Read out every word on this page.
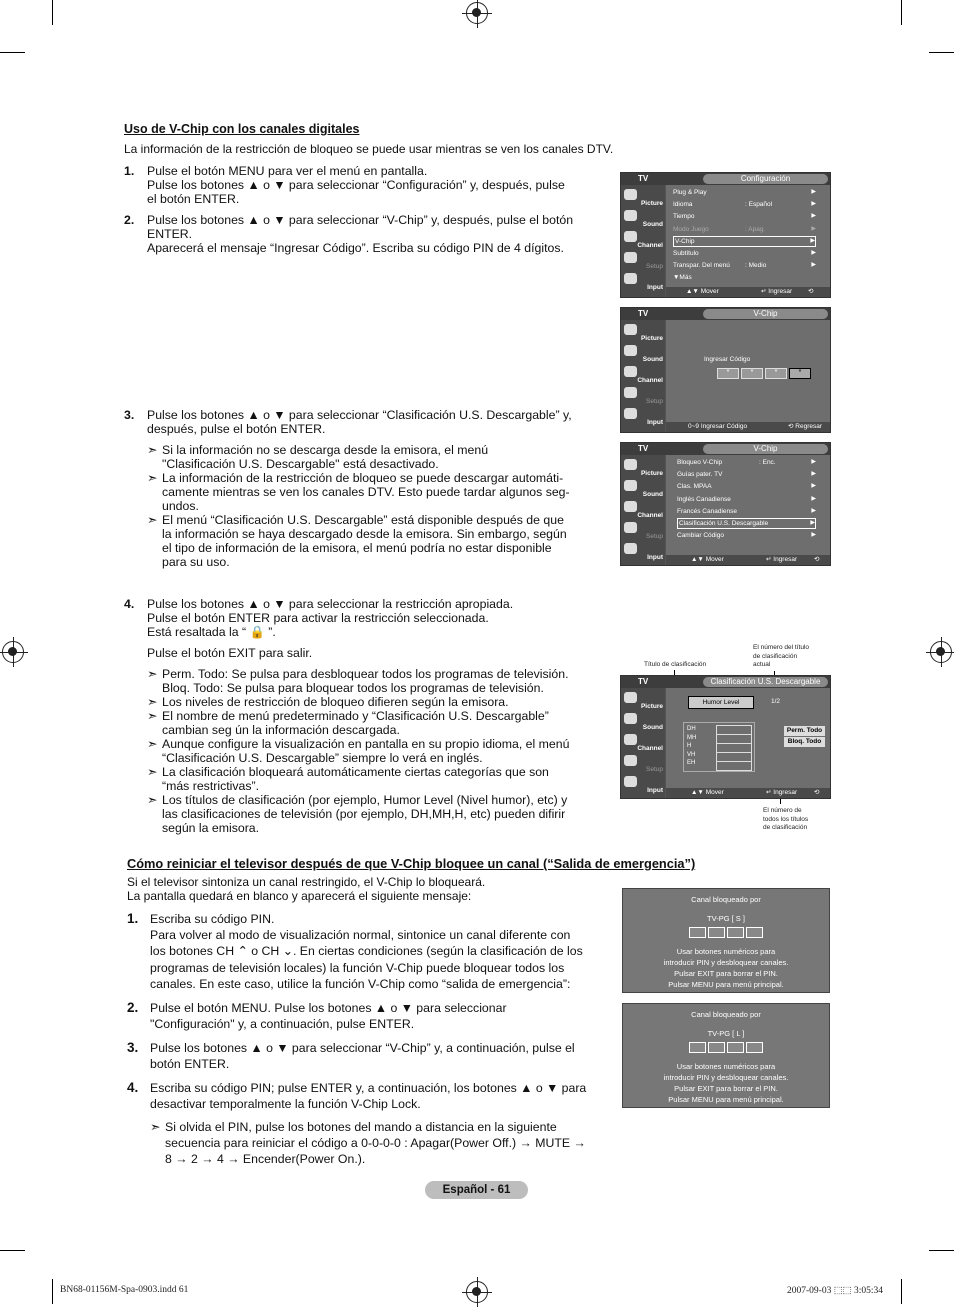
Uso de V-Chip con los canales digitales
La información de la restricción de bloqueo se puede usar mientras se ven los canales DTV.
1. Pulse el botón MENU para ver el menú en pantalla.
Pulse los botones ▲ o ▼ para seleccionar “Configuración” y, después, pulse
el botón ENTER.
2. Pulse los botones ▲ o ▼ para seleccionar “V-Chip” y, después, pulse el botón
ENTER.
Aparecerá el mensaje “Ingresar Código”. Escriba su código PIN de 4 dígitos.
3. Pulse los botones ▲ o ▼ para seleccionar “Clasificación U.S. Descargable” y,
después, pulse el botón ENTER.
➣ Si la información no se descarga desde la emisora, el menú
"Clasificación U.S. Descargable" está desactivado.
➣ La información de la restricción de bloqueo se puede descargar automáti-
camente mientras se ven los canales DTV. Esto puede tardar algunos seg-
undos.
➣ El menú “Clasificación U.S. Descargable” está disponible después de que
la información se haya descargado desde la emisora. Sin embargo, según
el tipo de información de la emisora, el menú podría no estar disponible
para su uso.
4. Pulse los botones ▲ o ▼ para seleccionar la restricción apropiada.
Pulse el botón ENTER para activar la restricción seleccionada.
Está resaltada la “ 🔒 ”.
Pulse el botón EXIT para salir.
➣ Perm. Todo: Se pulsa para desbloquear todos los programas de televisión.
Bloq. Todo: Se pulsa para bloquear todos los programas de televisión.
➣ Los niveles de restricción de bloqueo difieren según la emisora.
➣ El nombre de menú predeterminado y “Clasificación U.S. Descargable”
cambian seg ún la información descargada.
➣ Aunque configure la visualización en pantalla en su propio idioma, el menú
“Clasificación U.S. Descargable” siempre lo verá en inglés.
➣ La clasificación bloqueará automáticamente ciertas categorías que son
“más restrictivas”.
➣ Los títulos de clasificación (por ejemplo, Humor Level (Nivel humor), etc) y
las clasificaciones de televisión (por ejemplo, DH,MH,H, etc) pueden difirir
según la emisora.
TV	Configuración
Picture
Sound
Channel
Setup
Input
▲▼ Mover	↵ Ingresar ⟲ Regresar
Plug & Play	▶
Idioma	: Español	▶
Tiempo	▶
Modo Juego	: Apag.	▶
V-Chip	▶
Subtítulo	▶
Transpar. Del menú : Medio	▶
▼Más
TV	V-Chip
Picture
Sound
Channel
Setup
Input
Ingresar Código
*	*	*	*
0~9 Ingresar Código	⟲ Regresar
TV	V-Chip
Picture
Sound
Channel
Setup
Input	▲▼ Mover	↵ Ingresar	⟲ Regresar
Bloqueo V-Chip	: Enc.	▶
Guías pater. TV	▶
Clas. MPAA	▶
Inglés Canadiense	▶
Francés Canadiense	▶
Clasificación U.S. Descargable	▶
Cambiar Código	▶
Título de clasificación
El número del título
de clasificación
actual
El número de
todos los títulos
de clasificación
TV	Clasificación U.S. Descargable
Picture
Sound
Channel
Setup
Input
Humor Level	1/2
DH
MH
H
VH
EH
Perm. Todo
Bloq. Todo
▲▼ Mover	↵ Ingresar	⟲ Regresar
Cómo reiniciar el televisor después de que V-Chip bloquee un canal (“Salida de emergencia”)
Si el televisor sintoniza un canal restringido, el V-Chip lo bloqueará.
La pantalla quedará en blanco y aparecerá el siguiente mensaje:
1. Escriba su código PIN.
Para volver al modo de visualización normal, sintonice un canal diferente con
los botones CH ⌃ o CH ⌄. En ciertas condiciones (según la clasificación de los
programas de televisión locales) la función V-Chip puede bloquear todos los
canales. En este caso, utilice la función V-Chip como “salida de emergencia”:
2. Pulse el botón MENU. Pulse los botones ▲ o ▼ para seleccionar
"Configuración" y, a continuación, pulse ENTER.
3. Pulse los botones ▲ o ▼ para seleccionar “V-Chip” y, a continuación, pulse el
botón ENTER.
4. Escriba su código PIN; pulse ENTER y, a continuación, los botones ▲ o ▼ para
desactivar temporalmente la función V-Chip Lock.
➣ Si olvida el PIN, pulse los botones del mando a distancia en la siguiente
secuencia para reiniciar el código a 0-0-0-0 : Apagar(Power Off.) → MUTE →
8 → 2 → 4 → Encender(Power On.).
Canal bloqueado por
TV-PG [ S ]
Usar botones numéricos para
introducir PIN y desbloquear canales.
Pulsar EXIT para borrar el PIN.
Pulsar MENU para menú principal.
Canal bloqueado por
TV-PG [ L ]
Usar botones numéricos para
introducir PIN y desbloquear canales.
Pulsar EXIT para borrar el PIN.
Pulsar MENU para menú principal.
Español - 61
BN68-01156M-Spa-0903.indd 61	2007-09-03 ⬚⬚ 3:05:34
